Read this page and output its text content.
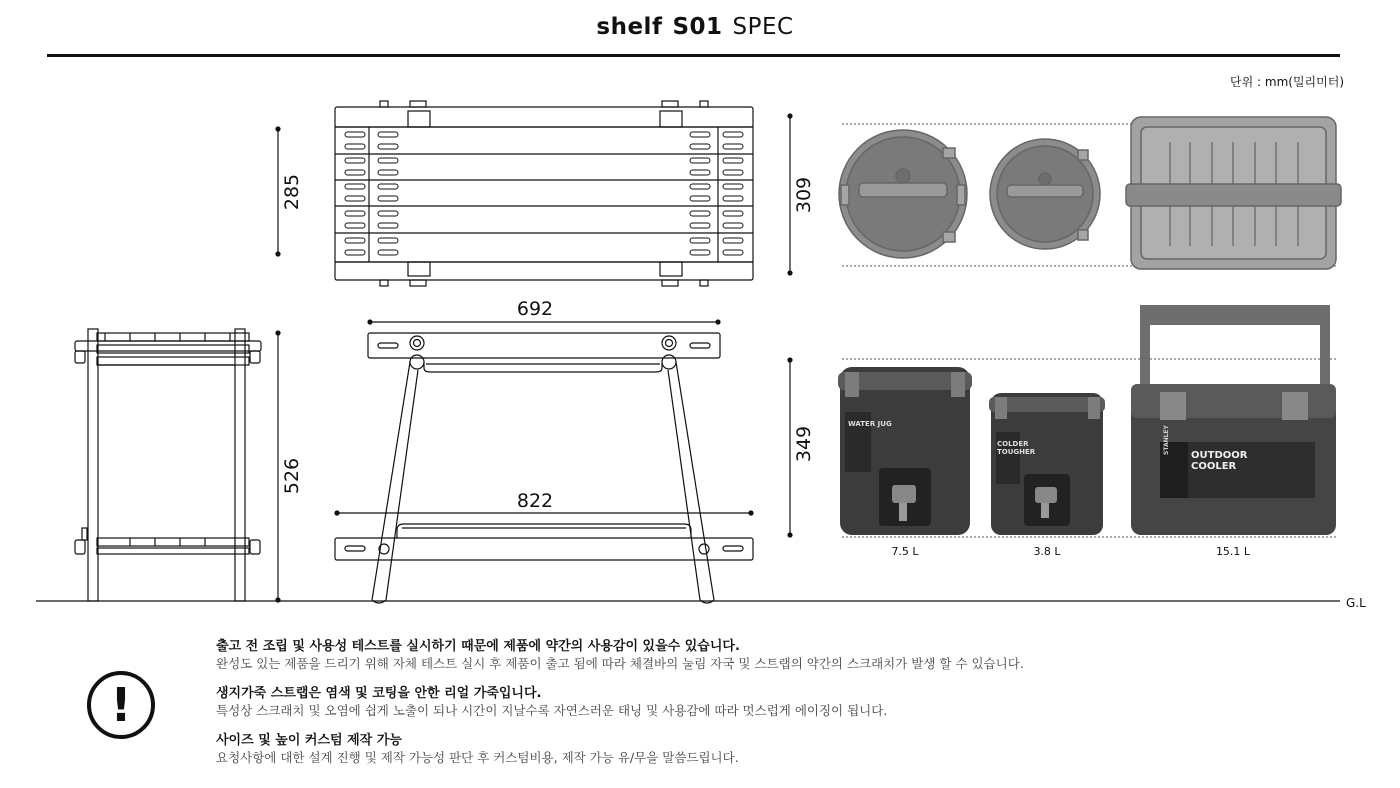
shelf S01 SPEC
단위 : mm(밀리미터)
285	309
692
822
526
349
WATER JUG
COLDER TOUGHER	OUTDOOR COOLER
STANLEY
7.5 L	3.8 L	15.1 L
G.L
!
출고 전 조립 및 사용성 테스트를 실시하기 때문에 제품에 약간의 사용감이 있을수 있습니다.
완성도 있는 제품을 드리기 위해 자체 테스트 실시 후 제품이 출고 됨에 따라 체결바의 눌림 자국 및 스트랩의 약간의 스크래치가 발생 할 수 있습니다.
생지가죽 스트랩은 염색 및 코팅을 안한 리얼 가죽입니다.
특성상 스크래치 및 오염에 쉽게 노출이 되나 시간이 지날수록 자연스러운 태닝 및 사용감에 따라 멋스럽게 에이징이 됩니다.
사이즈 및 높이 커스텀 제작 가능
요청사항에 대한 설계 진행 및 제작 가능성 판단 후 커스텀비용, 제작 가능 유/무을 말씀드립니다.
